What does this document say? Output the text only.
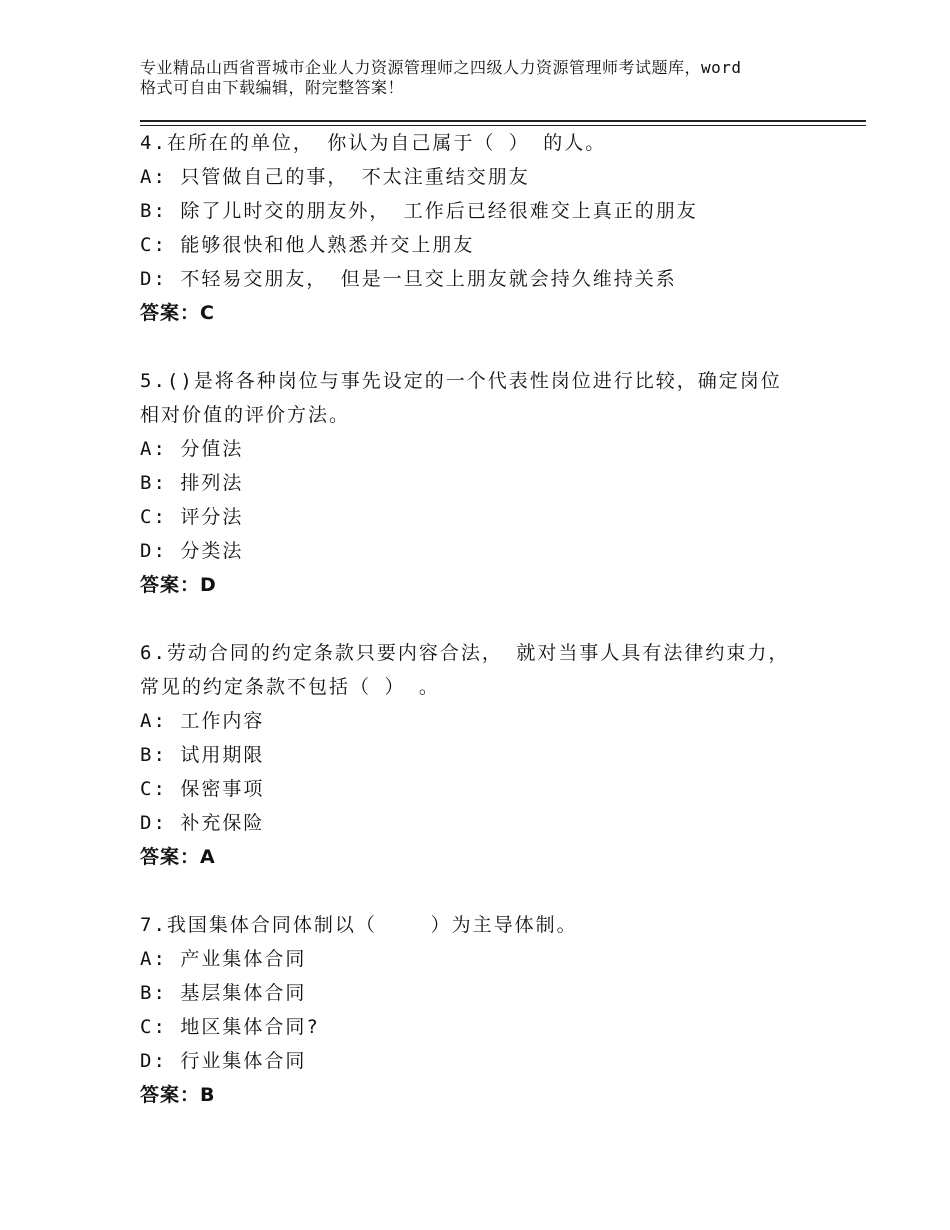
专业精品山西省晋城市企业人力资源管理师之四级人力资源管理师考试题库，word
格式可自由下载编辑，附完整答案！
4.在所在的单位， 你认为自己属于（ ） 的人。
A: 只管做自己的事， 不太注重结交朋友
B: 除了儿时交的朋友外， 工作后已经很难交上真正的朋友
C: 能够很快和他人熟悉并交上朋友
D: 不轻易交朋友， 但是一旦交上朋友就会持久维持关系
答案：C
5.()是将各种岗位与事先设定的一个代表性岗位进行比较，确定岗位
相对价值的评价方法。
A: 分值法
B: 排列法
C: 评分法
D: 分类法
答案：D
6.劳动合同的约定条款只要内容合法， 就对当事人具有法律约束力，
常见的约定条款不包括（ ） 。
A: 工作内容
B: 试用期限
C: 保密事项
D: 补充保险
答案：A
7.我国集体合同体制以（    ）为主导体制。
A: 产业集体合同
B: 基层集体合同
C: 地区集体合同?
D: 行业集体合同
答案：B
